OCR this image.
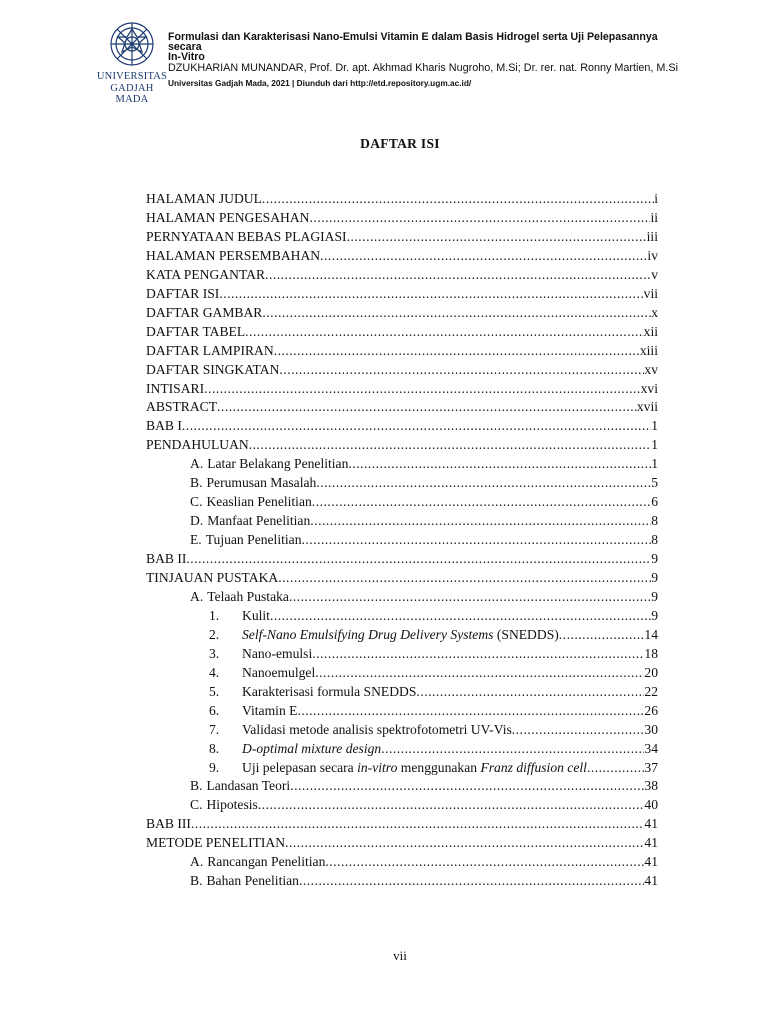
UNIVERSITAS
GADJAH MADA
Formulasi dan Karakterisasi Nano-Emulsi Vitamin E dalam Basis Hidrogel serta Uji Pelepasannya
secara

In-Vitro
DZUKHARIAN MUNANDAR, Prof. Dr. apt. Akhmad Kharis Nugroho, M.Si; Dr. rer. nat. Ronny Martien, M.Si
Universitas Gadjah Mada, 2021 | Diunduh dari http://etd.repository.ugm.ac.id/
DAFTAR ISI
HALAMAN JUDUL .....	i
HALAMAN PENGESAHAN .....	ii
PERNYATAAN BEBAS PLAGIASI .....	iii
HALAMAN PERSEMBAHAN .....	iv
KATA PENGANTAR .....	v
DAFTAR ISI .....	vii
DAFTAR GAMBAR .....	x
DAFTAR TABEL .....	xii
DAFTAR LAMPIRAN .....	xiii
DAFTAR SINGKATAN .....	xv
INTISARI .....	xvi
ABSTRACT .....	xvii
BAB I .....	1
PENDAHULUAN .....	1
A. Latar Belakang Penelitian .....	1
B. Perumusan Masalah .....	5
C. Keaslian Penelitian .....	6
D. Manfaat Penelitian .....	8
E. Tujuan Penelitian .....	8
BAB II .....	9
TINJAUAN PUSTAKA .....	9
A. Telaah Pustaka .....	9
1.	Kulit .....	9
2.	Self-Nano Emulsifying Drug Delivery Systems (SNEDDS) .....	14
3.	Nano-emulsi .....	18
4.	Nanoemulgel .....	20
5.	Karakterisasi formula SNEDDS .....	22
6.	Vitamin E .....	26
7.	Validasi metode analisis spektrofotometri UV-Vis .....	30
8.	D-optimal mixture design .....	34
9.	Uji pelepasan secara in-vitro menggunakan Franz diffusion cell .....	37
B. Landasan Teori .....	38
C. Hipotesis .....	40
BAB III .....	41
METODE PENELITIAN .....	41
A. Rancangan Penelitian .....	41
B. Bahan Penelitian .....	41
vii
